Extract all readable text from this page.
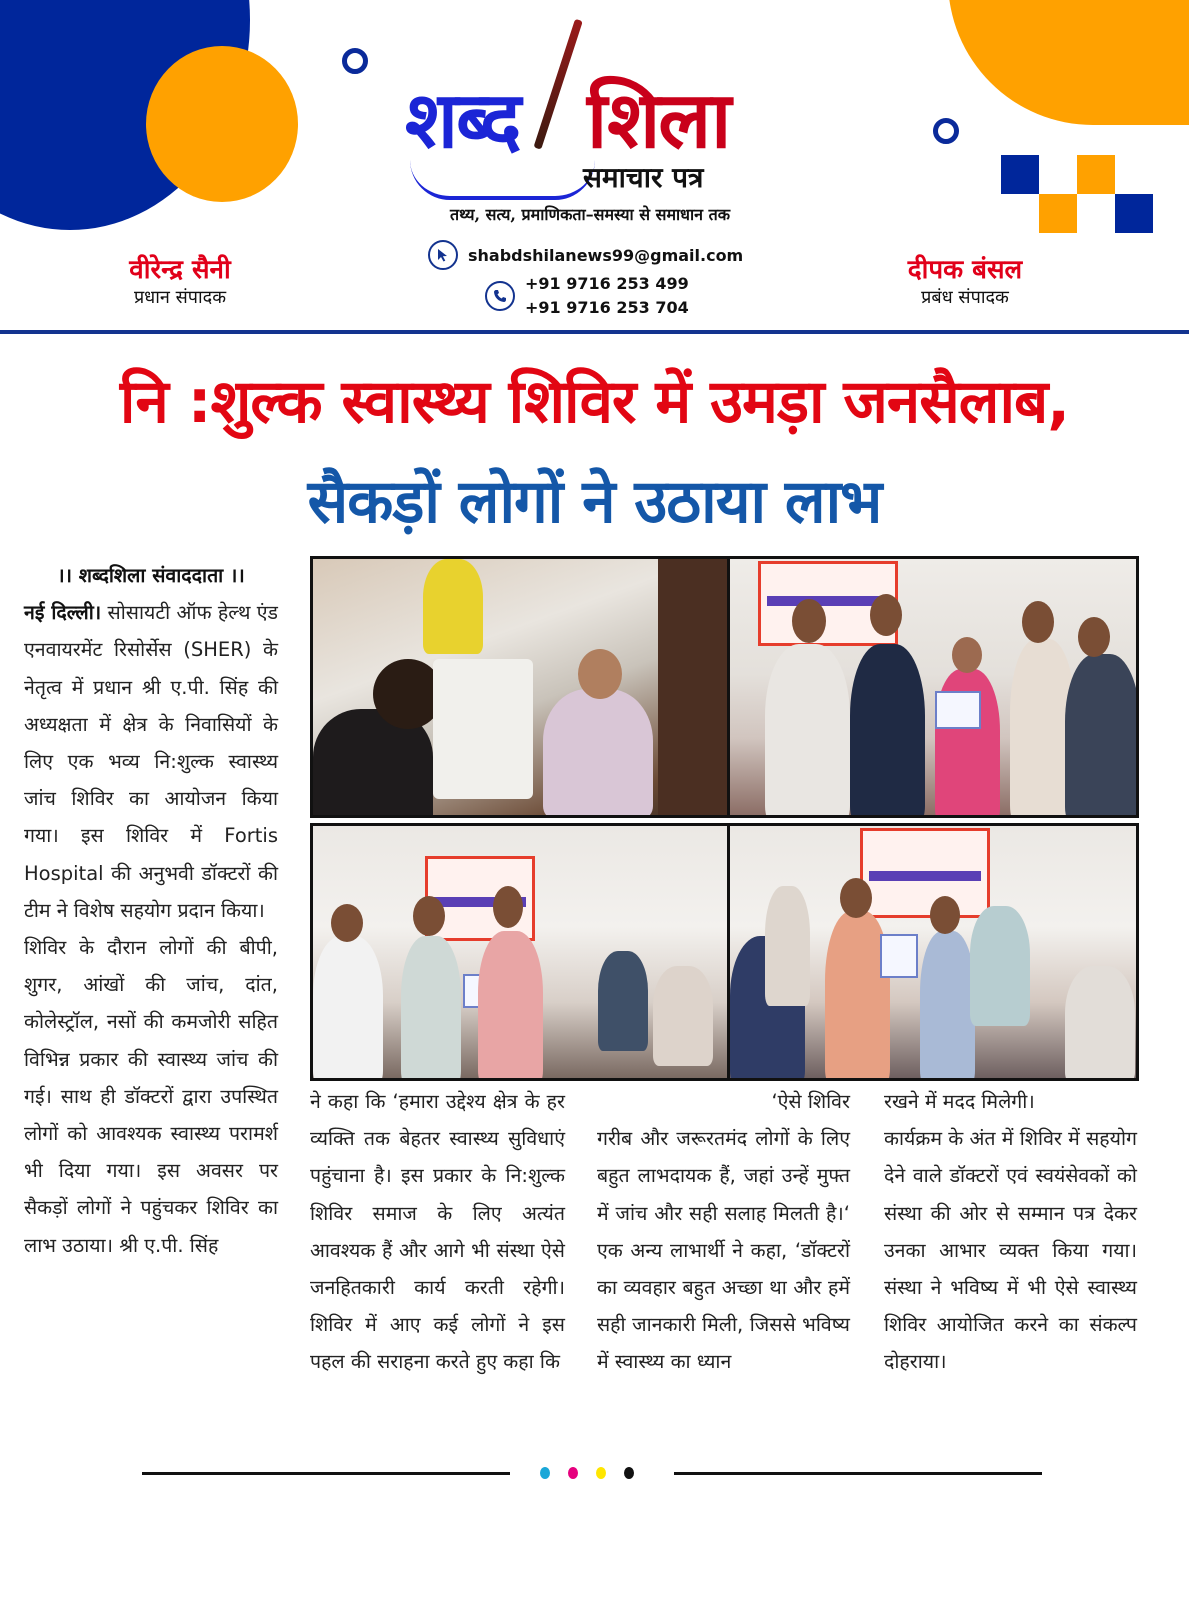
शब्द शिला
समाचार पत्र
तथ्य, सत्य, प्रमाणिकता–समस्या से समाधान तक
shabdshilanews99@gmail.com
+91 9716 253 499
+91 9716 253 704
वीरेन्द्र सैनी
प्रधान संपादक
दीपक बंसल
प्रबंध संपादक
नि :शुल्क स्वास्थ्य शिविर में उमड़ा जनसैलाब,
सैकड़ों लोगों ने उठाया लाभ
।। शब्दशिला संवाददाता ।।
नई दिल्ली। सोसायटी ऑफ हेल्थ एंड एनवायरमेंट रिसोर्सेस (SHER) के नेतृत्व में प्रधान श्री ए.पी. सिंह की अध्यक्षता में क्षेत्र के निवासियों के लिए एक भव्य नि:शुल्क स्वास्थ्य जांच शिविर का आयोजन किया गया। इस शिविर में Fortis Hospital की अनुभवी डॉक्टरों की टीम ने विशेष सहयोग प्रदान किया।
शिविर के दौरान लोगों की बीपी, शुगर, आंखों की जांच, दांत, कोलेस्ट्रॉल, नसों की कमजोरी सहित विभिन्न प्रकार की स्वास्थ्य जांच की गई। साथ ही डॉक्टरों द्वारा उपस्थित लोगों को आवश्यक स्वास्थ्य परामर्श भी दिया गया। इस अवसर पर सैकड़ों लोगों ने पहुंचकर शिविर का लाभ उठाया। श्री ए.पी. सिंह
ने कहा कि ‘हमारा उद्देश्य क्षेत्र के हर व्यक्ति तक बेहतर स्वास्थ्य सुविधाएं पहुंचाना है। इस प्रकार के नि:शुल्क शिविर समाज के लिए अत्यंत आवश्यक हैं और आगे भी संस्था ऐसे जनहितकारी कार्य करती रहेगी। शिविर में आए कई लोगों ने इस पहल की सराहना करते हुए कहा कि
‘ऐसे शिविर
गरीब और जरूरतमंद लोगों के लिए बहुत लाभदायक हैं, जहां उन्हें मुफ्त में जांच और सही सलाह मिलती है।‘ एक अन्य लाभार्थी ने कहा, ‘डॉक्टरों का व्यवहार बहुत अच्छा था और हमें सही जानकारी मिली, जिससे भविष्य में स्वास्थ्य का ध्यान
रखने में मदद मिलेगी।
कार्यक्रम के अंत में शिविर में सहयोग देने वाले डॉक्टरों एवं स्वयंसेवकों को संस्था की ओर से सम्मान पत्र देकर उनका आभार व्यक्त किया गया। संस्था ने भविष्य में भी ऐसे स्वास्थ्य शिविर आयोजित करने का संकल्प दोहराया।
